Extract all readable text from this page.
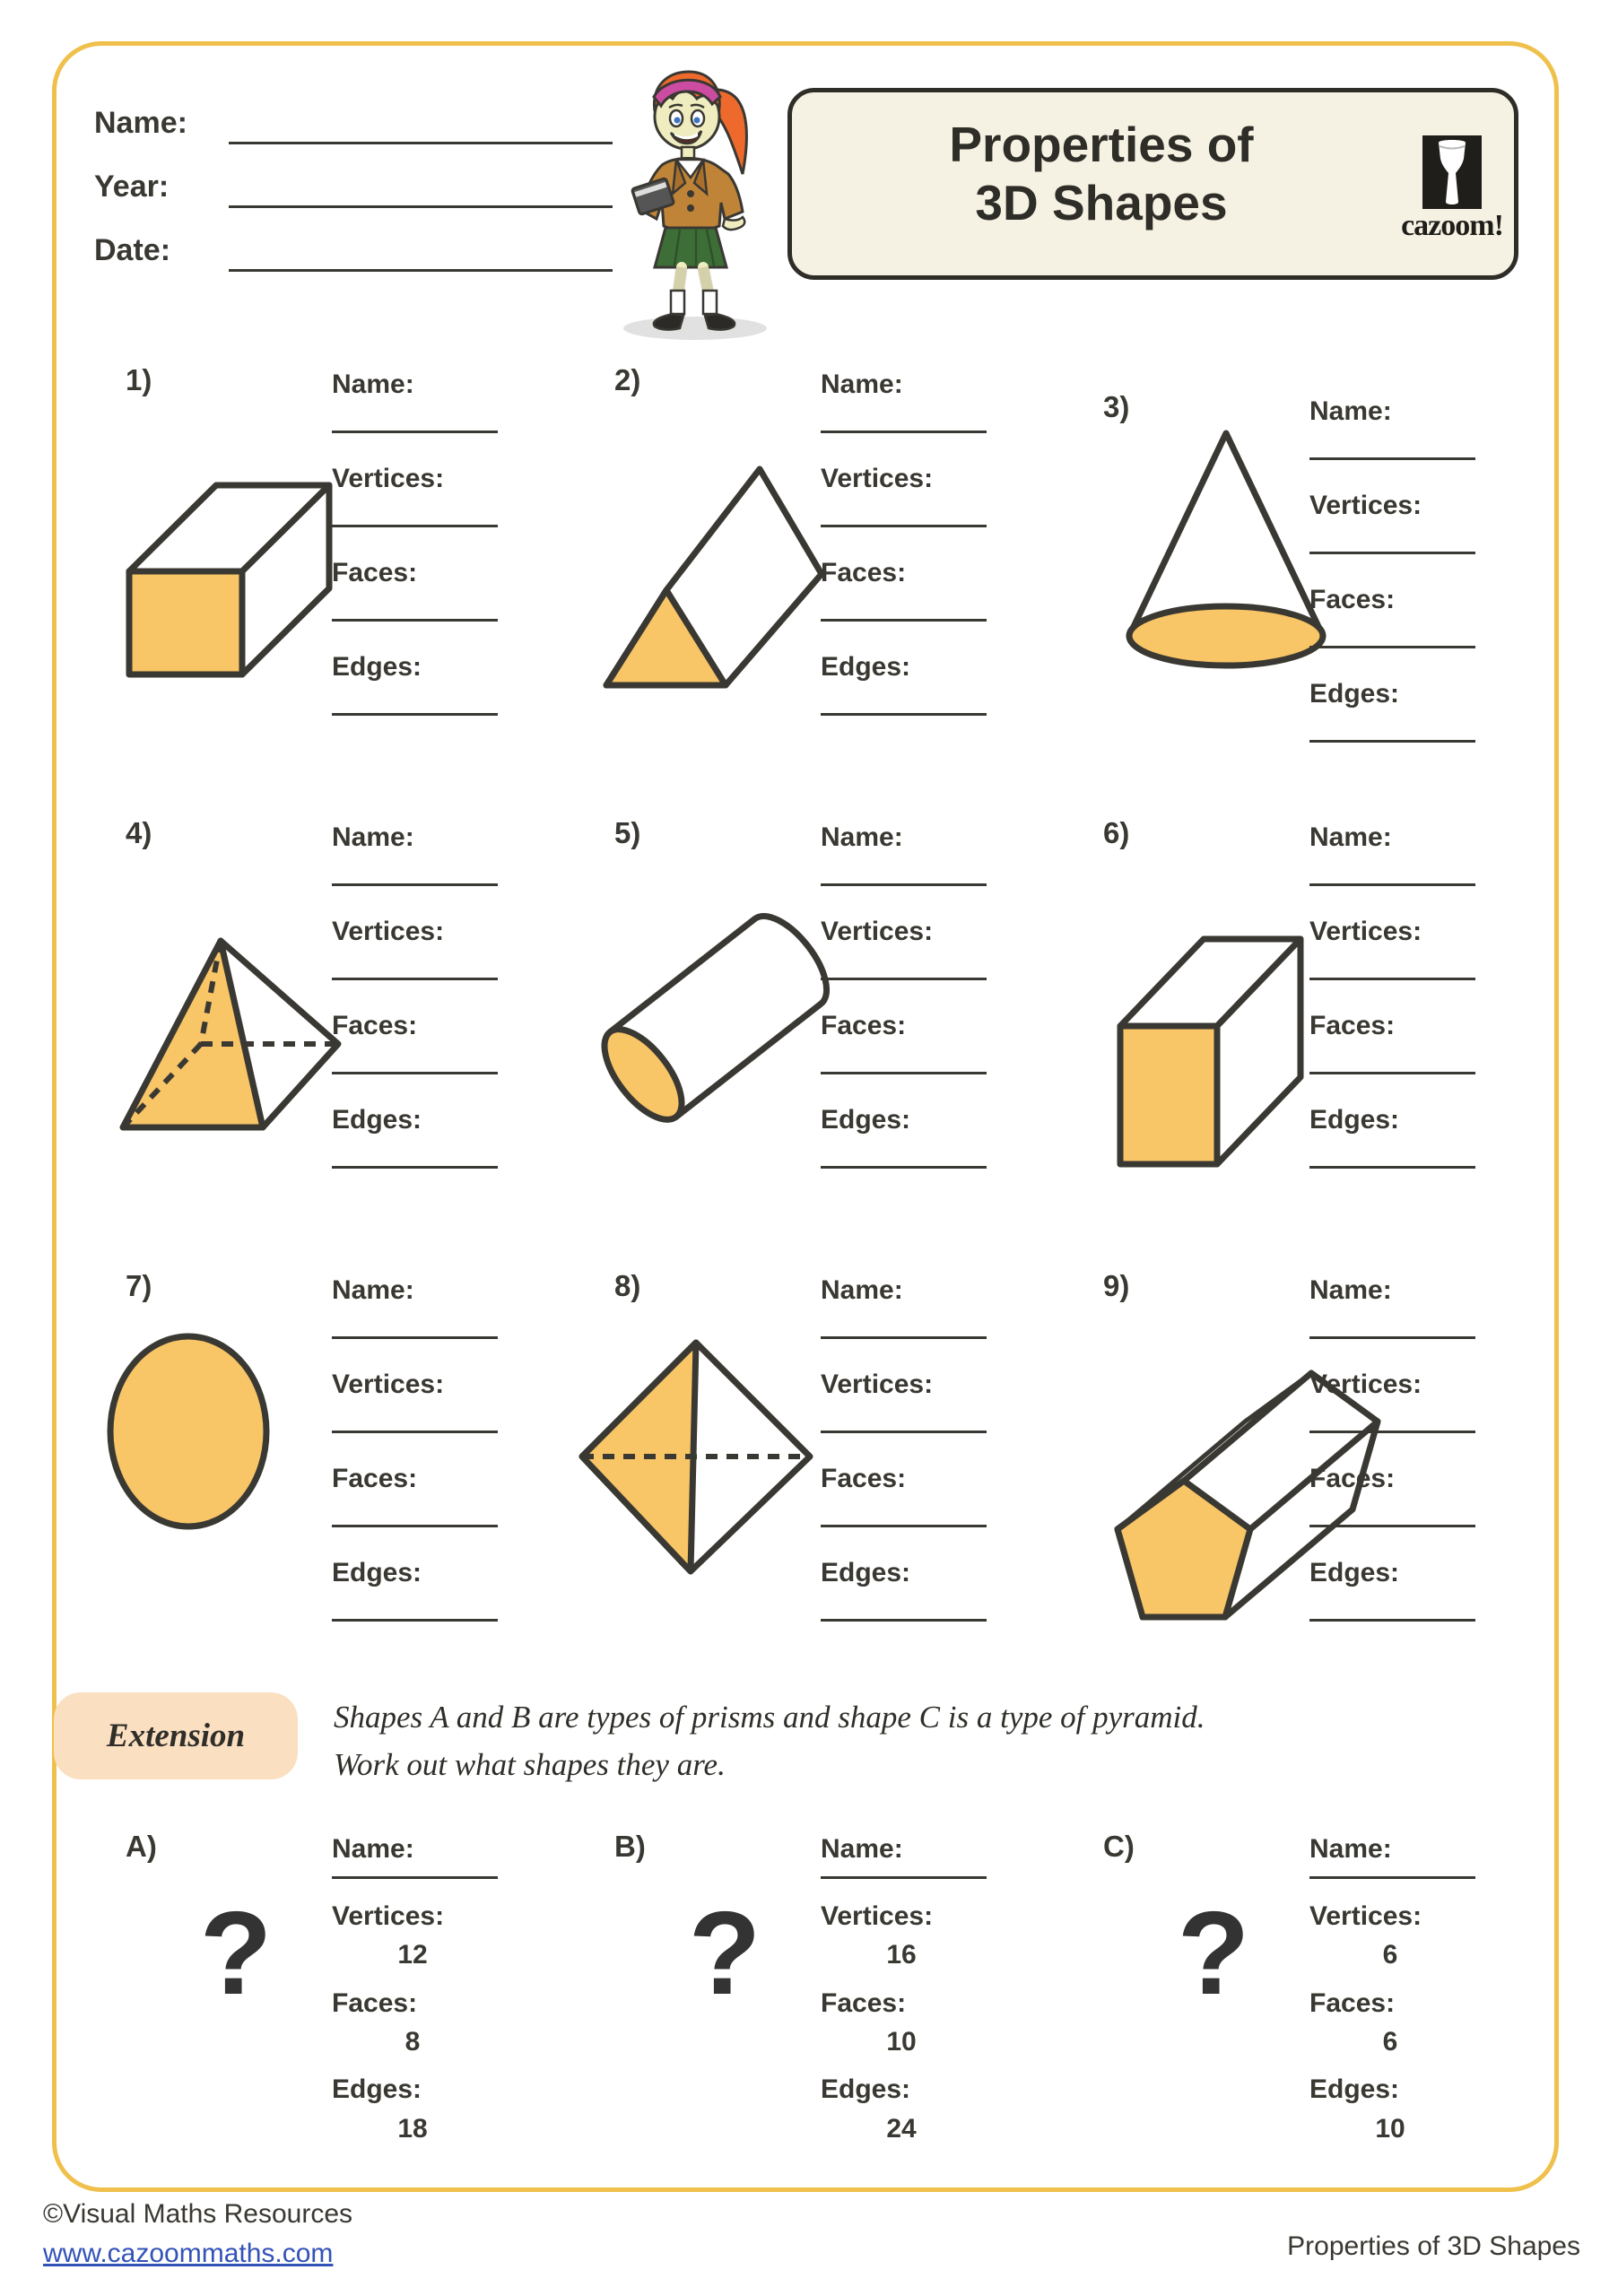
Name:
Year:
Date:
Properties of
3D Shapes	cazoom!
1)	Name:
Vertices:
Faces:
Edges:
2)	Name:
Vertices:
Faces:
Edges:
3)	Name:
Vertices:
Faces:
Edges:
4)	Name:
Vertices:
Faces:
Edges:
5)	Name:
Vertices:
Faces:
Edges:
6)	Name:
Vertices:
Faces:
Edges:
7)	Name:
Vertices:
Faces:
Edges:
8)	Name:
Vertices:
Faces:
Edges:
9)	Name:
Vertices:
Faces:
Edges:
Extension
Shapes A and B are types of prisms and shape C is a type of pyramid.
Work out what shapes they are.
A)
?
Name:
Vertices:
12
Faces:
8
Edges:
18
B)
?
Name:
Vertices:
16
Faces:
10
Edges:
24
C)
?
Name:
Vertices:
6
Faces:
6
Edges:
10
©Visual Maths Resources
www.cazoommaths.com	Properties of 3D Shapes
